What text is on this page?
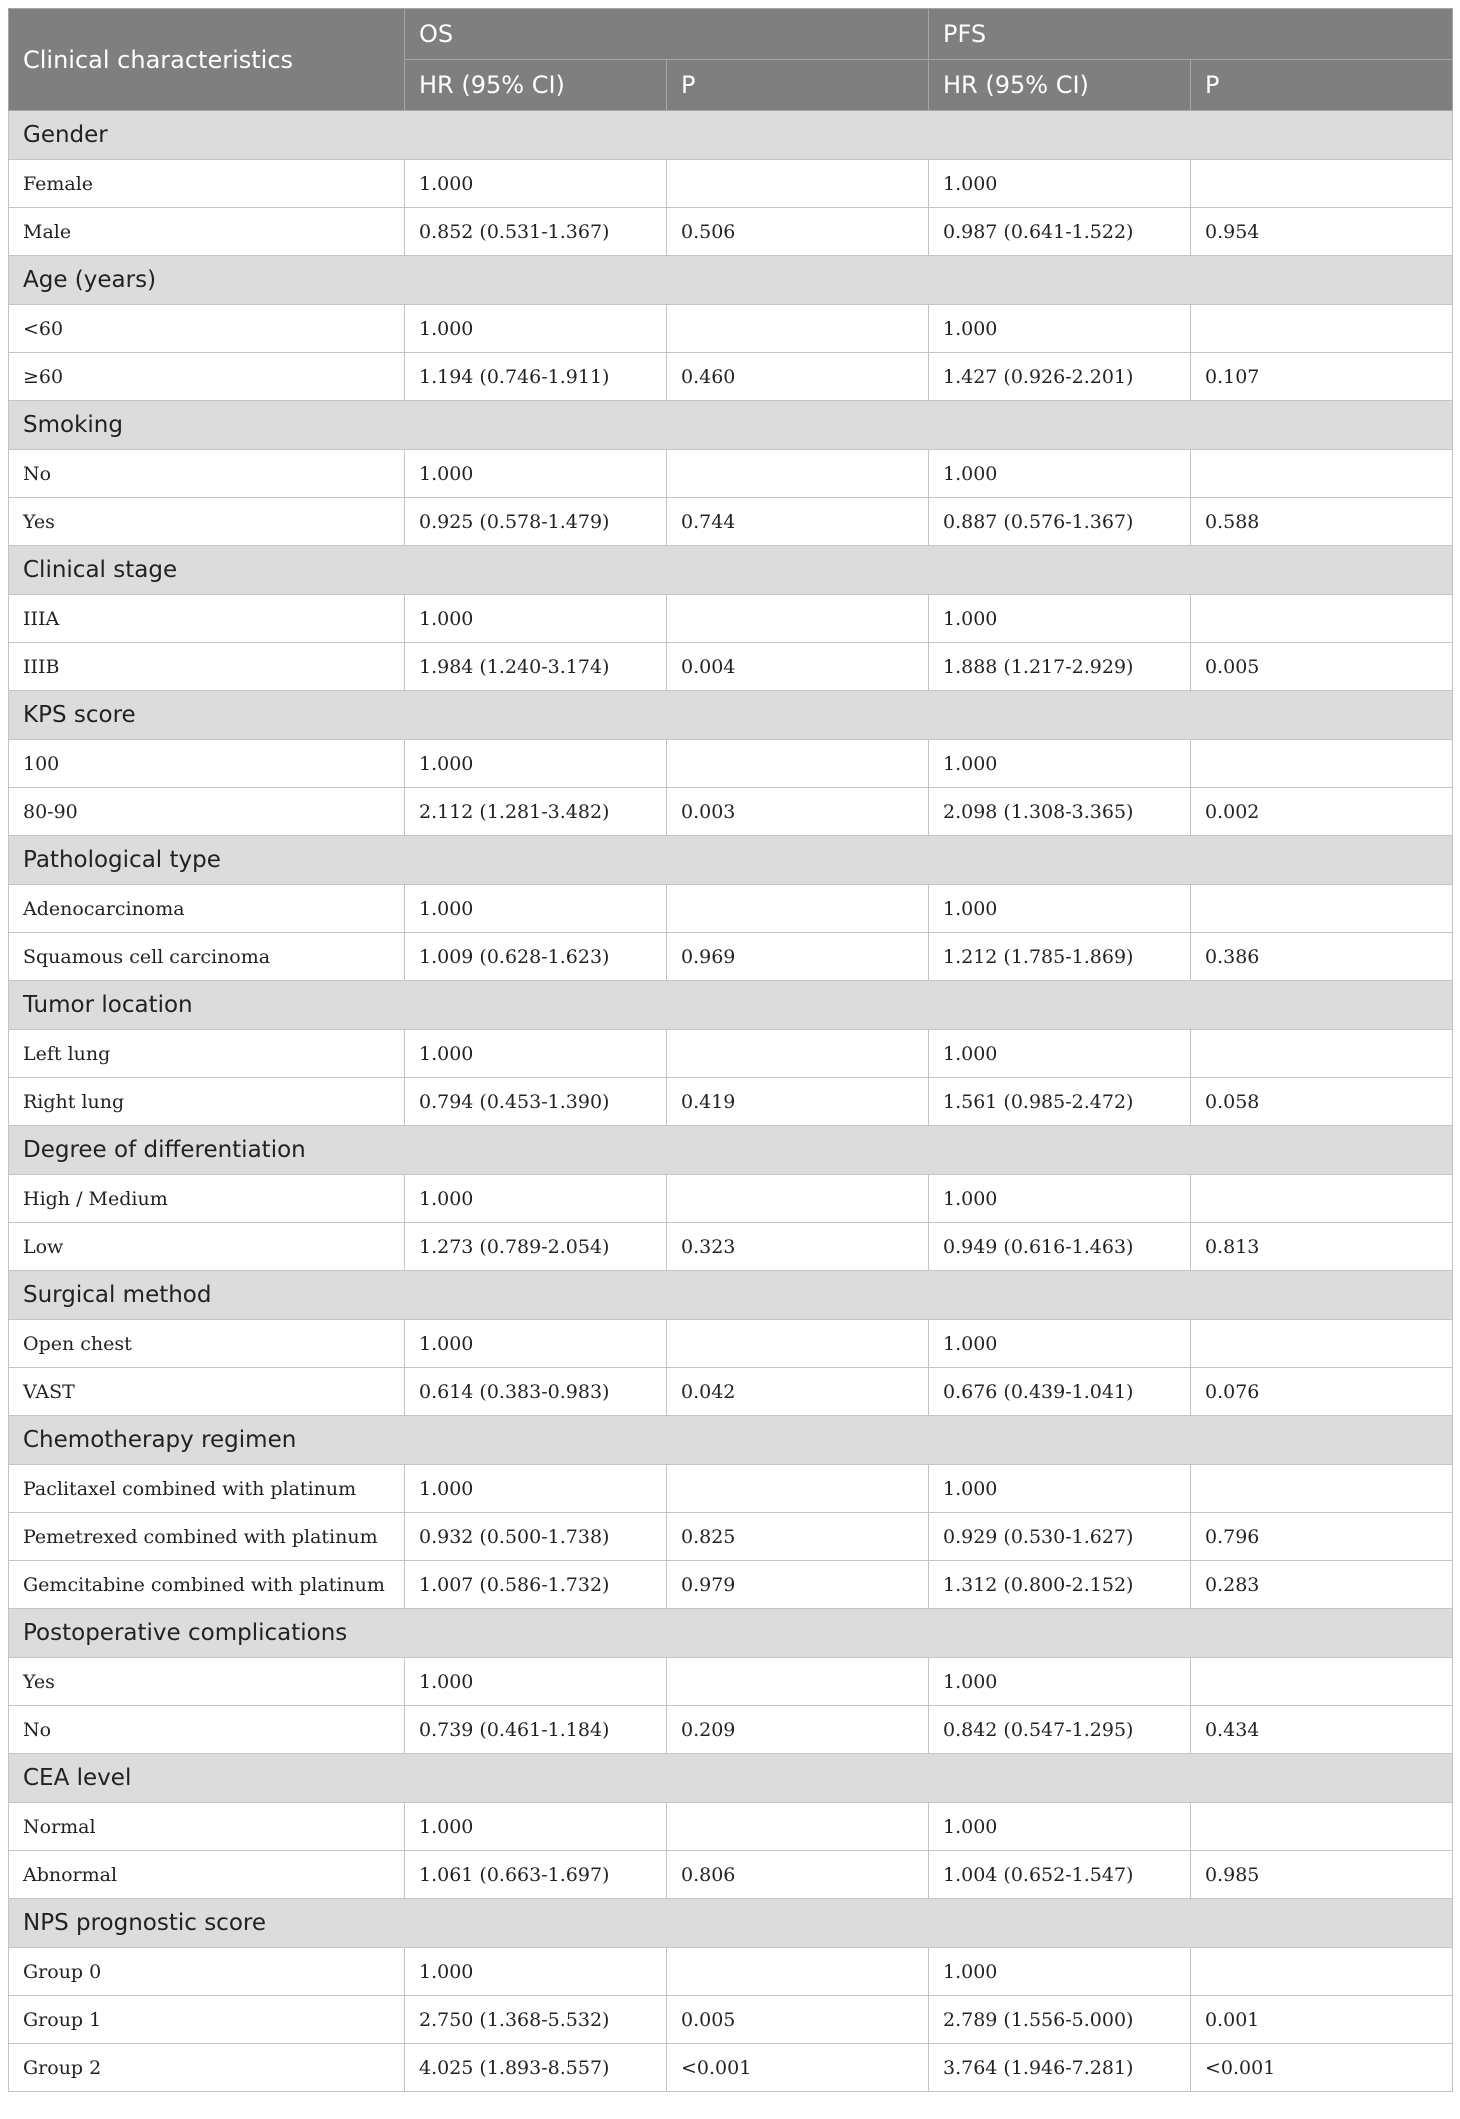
Clinical characteristics	OS		PFS	
	HR (95% CI)	P	HR (95% CI)	P
Gender				
Female	1.000		1.000	
Male	0.852 (0.531-1.367)	0.506	0.987 (0.641-1.522)	0.954
Age (years)				
<60	1.000		1.000	
≥60	1.194 (0.746-1.911)	0.460	1.427 (0.926-2.201)	0.107
Smoking				
No	1.000		1.000	
Yes	0.925 (0.578-1.479)	0.744	0.887 (0.576-1.367)	0.588
Clinical stage				
IIIA	1.000		1.000	
IIIB	1.984 (1.240-3.174)	0.004	1.888 (1.217-2.929)	0.005
KPS score				
100	1.000		1.000	
80-90	2.112 (1.281-3.482)	0.003	2.098 (1.308-3.365)	0.002
Pathological type				
Adenocarcinoma	1.000		1.000	
Squamous cell carcinoma	1.009 (0.628-1.623)	0.969	1.212 (1.785-1.869)	0.386
Tumor location				
Left lung	1.000		1.000	
Right lung	0.794 (0.453-1.390)	0.419	1.561 (0.985-2.472)	0.058
Degree of differentiation				
High / Medium	1.000		1.000	
Low	1.273 (0.789-2.054)	0.323	0.949 (0.616-1.463)	0.813
Surgical method				
Open chest	1.000		1.000	
VAST	0.614 (0.383-0.983)	0.042	0.676 (0.439-1.041)	0.076
Chemotherapy regimen				
Paclitaxel combined with platinum	1.000		1.000	
Pemetrexed combined with platinum	0.932 (0.500-1.738)	0.825	0.929 (0.530-1.627)	0.796
Gemcitabine combined with platinum	1.007 (0.586-1.732)	0.979	1.312 (0.800-2.152)	0.283
Postoperative complications				
Yes	1.000		1.000	
No	0.739 (0.461-1.184)	0.209	0.842 (0.547-1.295)	0.434
CEA level				
Normal	1.000		1.000	
Abnormal	1.061 (0.663-1.697)	0.806	1.004 (0.652-1.547)	0.985
NPS prognostic score				
Group 0	1.000		1.000	
Group 1	2.750 (1.368-5.532)	0.005	2.789 (1.556-5.000)	0.001
Group 2	4.025 (1.893-8.557)	<0.001	3.764 (1.946-7.281)	<0.001
